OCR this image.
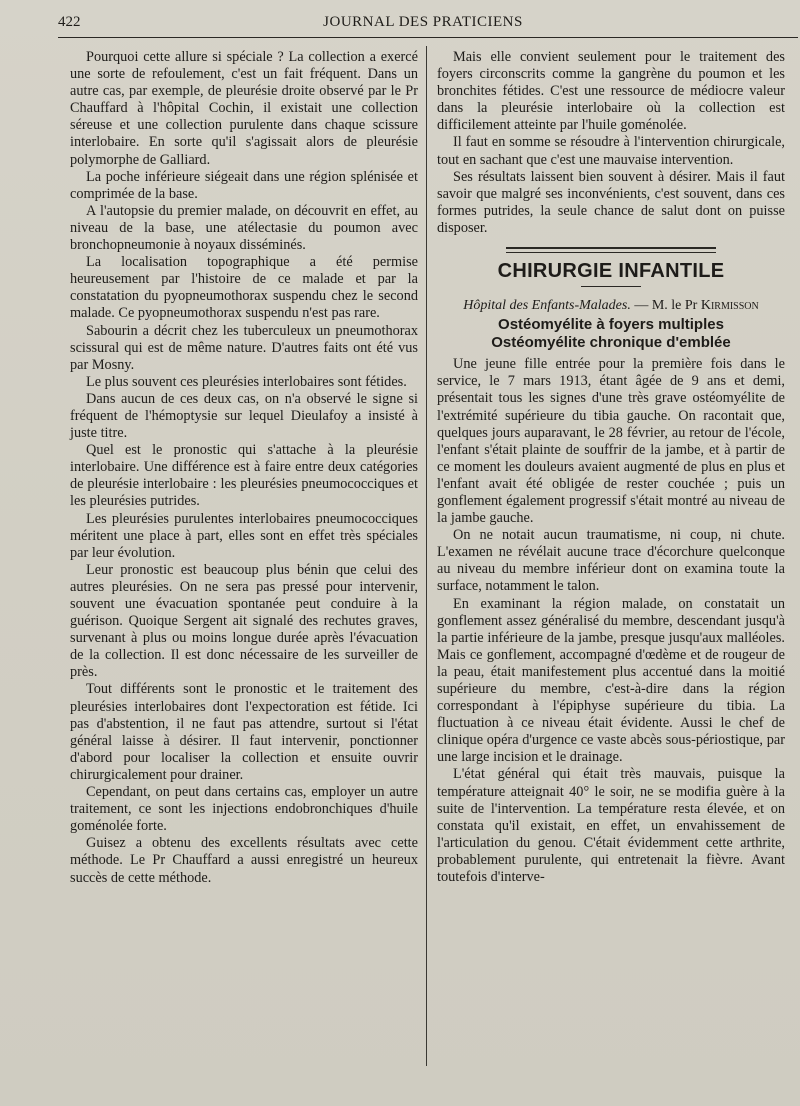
422	JOURNAL DES PRATICIENS

Pourquoi cette allure si spéciale ? La collection a exercé une sorte de refoulement, c'est un fait fréquent. Dans un autre cas, par exemple, de pleurésie droite observé par le Pr Chauffard à l'hôpital Cochin, il existait une collection séreuse et une collection purulente dans chaque scissure interlobaire. En sorte qu'il s'agissait alors de pleurésie polymorphe de Galliard.

La poche inférieure siégeait dans une région splénisée et comprimée de la base.

A l'autopsie du premier malade, on découvrit en effet, au niveau de la base, une atélectasie du poumon avec bronchopneumonie à noyaux disséminés.

La localisation topographique a été permise heureusement par l'histoire de ce malade et par la constatation du pyopneumothorax suspendu chez le second malade. Ce pyopneumothorax suspendu n'est pas rare.

Sabourin a décrit chez les tuberculeux un pneumothorax scissural qui est de même nature. D'autres faits ont été vus par Mosny.

Le plus souvent ces pleurésies interlobaires sont fétides.

Dans aucun de ces deux cas, on n'a observé le signe si fréquent de l'hémoptysie sur lequel Dieulafoy a insisté à juste titre.

Quel est le pronostic qui s'attache à la pleurésie interlobaire. Une différence est à faire entre deux catégories de pleurésie interlobaire : les pleurésies pneumococciques et les pleurésies putrides.

Les pleurésies purulentes interlobaires pneumococciques méritent une place à part, elles sont en effet très spéciales par leur évolution.

Leur pronostic est beaucoup plus bénin que celui des autres pleurésies. On ne sera pas pressé pour intervenir, souvent une évacuation spontanée peut conduire à la guérison. Quoique Sergent ait signalé des rechutes graves, survenant à plus ou moins longue durée après l'évacuation de la collection. Il est donc nécessaire de les surveiller de près.

Tout différents sont le pronostic et le traitement des pleurésies interlobaires dont l'expectoration est fétide. Ici pas d'abstention, il ne faut pas attendre, surtout si l'état général laisse à désirer. Il faut intervenir, ponctionner d'abord pour localiser la collection et ensuite ouvrir chirurgicalement pour drainer.

Cependant, on peut dans certains cas, employer un autre traitement, ce sont les injections endobronchiques d'huile goménolée forte.

Guisez a obtenu des excellents résultats avec cette méthode. Le Pr Chauffard a aussi enregistré un heureux succès de cette méthode.

Mais elle convient seulement pour le traitement des foyers circonscrits comme la gangrène du poumon et les bronchites fétides. C'est une ressource de médiocre valeur dans la pleurésie interlobaire où la collection est difficilement atteinte par l'huile goménolée.

Il faut en somme se résoudre à l'intervention chirurgicale, tout en sachant que c'est une mauvaise intervention.

Ses résultats laissent bien souvent à désirer. Mais il faut savoir que malgré ses inconvénients, c'est souvent, dans ces formes putrides, la seule chance de salut dont on puisse disposer.

CHIRURGIE INFANTILE
Hôpital des Enfants-Malades. — M. le Pr Kirmisson
Ostéomyélite à foyers multiples
Ostéomyélite chronique d'emblée

Une jeune fille entrée pour la première fois dans le service, le 7 mars 1913, étant âgée de 9 ans et demi, présentait tous les signes d'une très grave ostéomyélite de l'extrémité supérieure du tibia gauche. On racontait que, quelques jours auparavant, le 28 février, au retour de l'école, l'enfant s'était plainte de souffrir de la jambe, et à partir de ce moment les douleurs avaient augmenté de plus en plus et l'enfant avait été obligée de rester couchée ; puis un gonflement également progressif s'était montré au niveau de la jambe gauche.

On ne notait aucun traumatisme, ni coup, ni chute. L'examen ne révélait aucune trace d'écorchure quelconque au niveau du membre inférieur dont on examina toute la surface, notamment le talon.

En examinant la région malade, on constatait un gonflement assez généralisé du membre, descendant jusqu'à la partie inférieure de la jambe, presque jusqu'aux malléoles. Mais ce gonflement, accompagné d'œdème et de rougeur de la peau, était manifestement plus accentué dans la moitié supérieure du membre, c'est-à-dire dans la région correspondant à l'épiphyse supérieure du tibia. La fluctuation à ce niveau était évidente. Aussi le chef de clinique opéra d'urgence ce vaste abcès sous-périostique, par une large incision et le drainage.

L'état général qui était très mauvais, puisque la température atteignait 40° le soir, ne se modifia guère à la suite de l'intervention. La température resta élevée, et on constata qu'il existait, en effet, un envahissement de l'articulation du genou. C'était évidemment cette arthrite, probablement purulente, qui entretenait la fièvre. Avant toutefois d'interve-
